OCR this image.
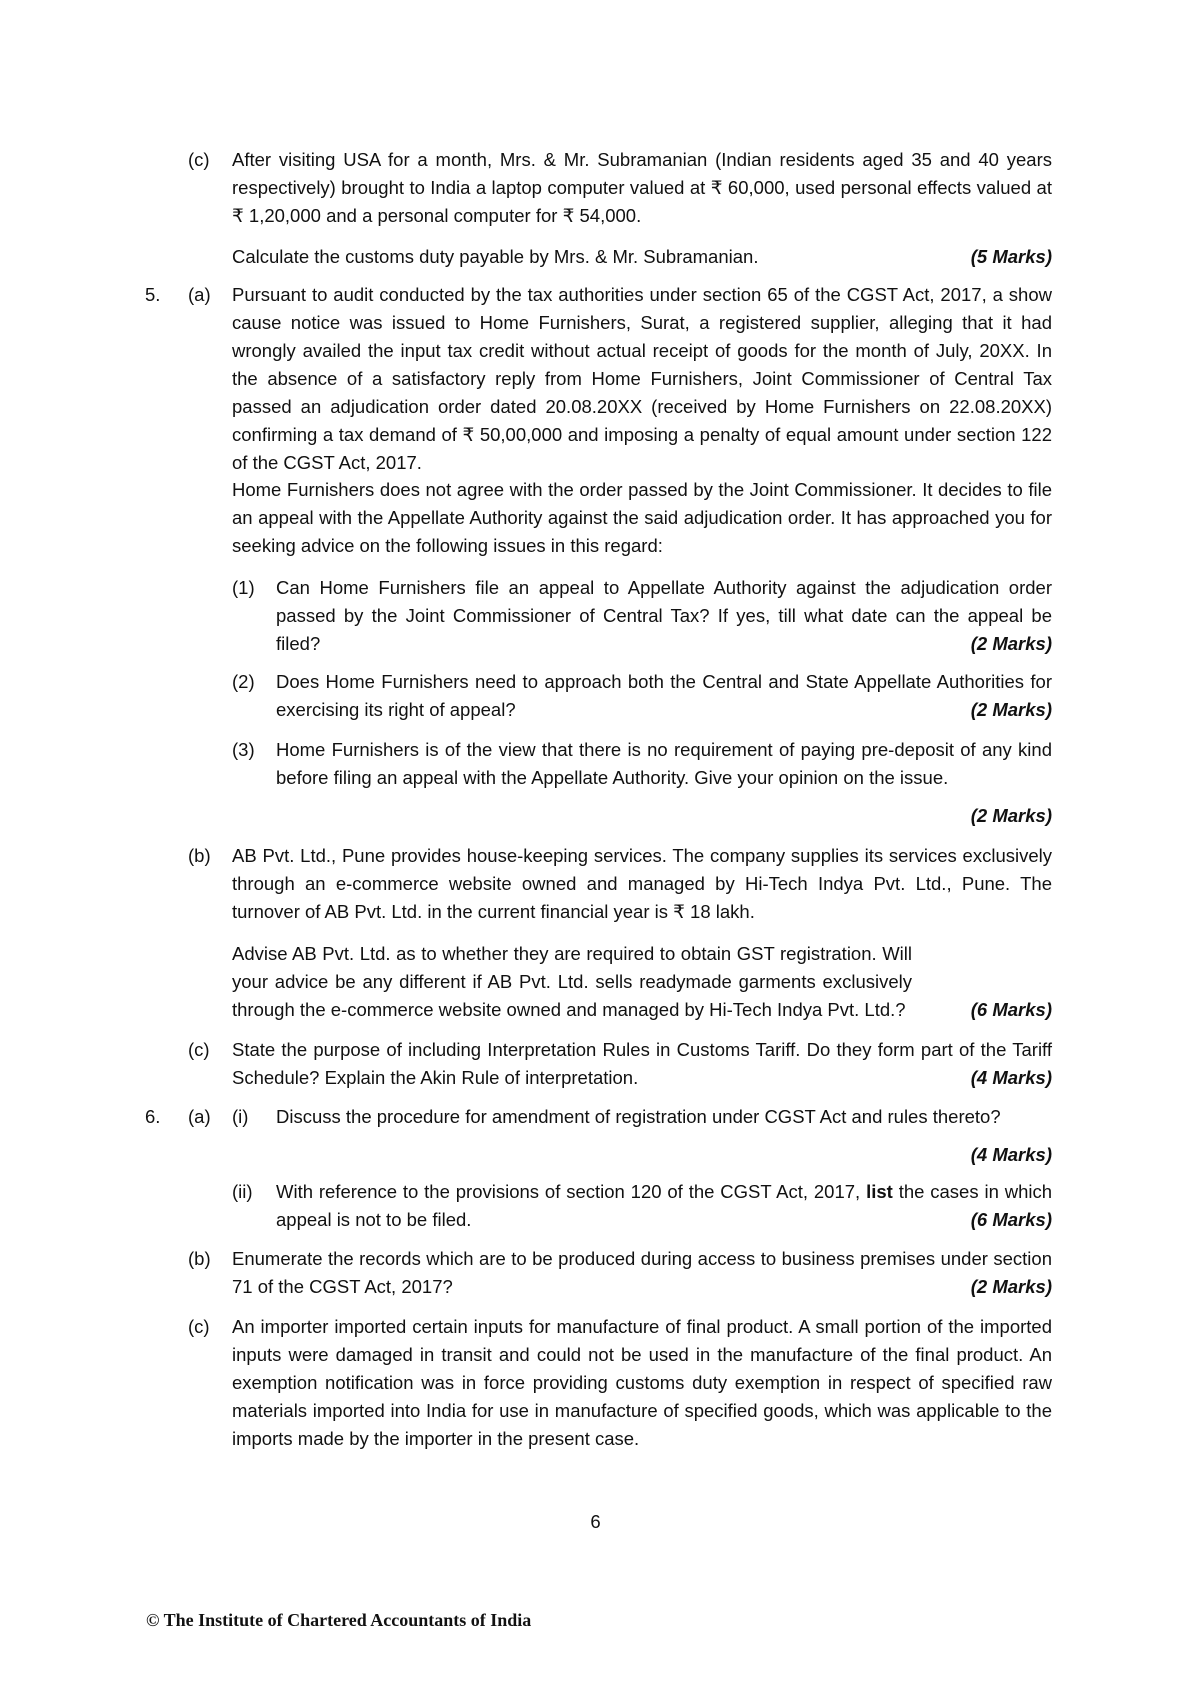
(c) After visiting USA for a month, Mrs. & Mr. Subramanian (Indian residents aged 35 and 40 years respectively) brought to India a laptop computer valued at ₹ 60,000, used personal effects valued at ₹ 1,20,000 and a personal computer for ₹ 54,000.

Calculate the customs duty payable by Mrs. & Mr. Subramanian.	(5 Marks)
5. (a) Pursuant to audit conducted by the tax authorities under section 65 of the CGST Act, 2017, a show cause notice was issued to Home Furnishers, Surat, a registered supplier, alleging that it had wrongly availed the input tax credit without actual receipt of goods for the month of July, 20XX. In the absence of a satisfactory reply from Home Furnishers, Joint Commissioner of Central Tax passed an adjudication order dated 20.08.20XX (received by Home Furnishers on 22.08.20XX) confirming a tax demand of ₹ 50,00,000 and imposing a penalty of equal amount under section 122 of the CGST Act, 2017.

Home Furnishers does not agree with the order passed by the Joint Commissioner. It decides to file an appeal with the Appellate Authority against the said adjudication order. It has approached you for seeking advice on the following issues in this regard:

(1) Can Home Furnishers file an appeal to Appellate Authority against the adjudication order passed by the Joint Commissioner of Central Tax? If yes, till what date can the appeal be filed?	(2 Marks)
(2) Does Home Furnishers need to approach both the Central and State Appellate Authorities for exercising its right of appeal?	(2 Marks)
(3) Home Furnishers is of the view that there is no requirement of paying pre-deposit of any kind before filing an appeal with the Appellate Authority. Give your opinion on the issue.

(2 Marks)
(b) AB Pvt. Ltd., Pune provides house-keeping services. The company supplies its services exclusively through an e-commerce website owned and managed by Hi-Tech Indya Pvt. Ltd., Pune. The turnover of AB Pvt. Ltd. in the current financial year is ₹ 18 lakh.

Advise AB Pvt. Ltd. as to whether they are required to obtain GST registration. Will your advice be any different if AB Pvt. Ltd. sells readymade garments exclusively through the e-commerce website owned and managed by Hi-Tech Indya Pvt. Ltd.?	(6 Marks)
(c) State the purpose of including Interpretation Rules in Customs Tariff. Do they form part of the Tariff Schedule? Explain the Akin Rule of interpretation.	(4 Marks)
6. (a) (i) Discuss the procedure for amendment of registration under CGST Act and rules thereto?

(4 Marks)
(ii) With reference to the provisions of section 120 of the CGST Act, 2017, list the cases in which appeal is not to be filed.	(6 Marks)
(b) Enumerate the records which are to be produced during access to business premises under section 71 of the CGST Act, 2017?	(2 Marks)
(c) An importer imported certain inputs for manufacture of final product. A small portion of the imported inputs were damaged in transit and could not be used in the manufacture of the final product. An exemption notification was in force providing customs duty exemption in respect of specified raw materials imported into India for use in manufacture of specified goods, which was applicable to the imports made by the importer in the present case.

6
© The Institute of Chartered Accountants of India
